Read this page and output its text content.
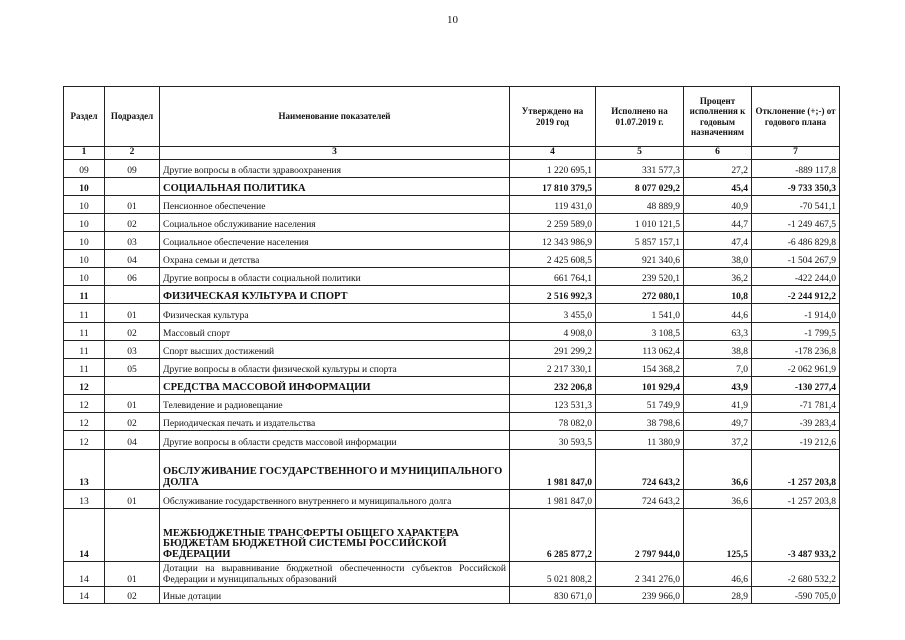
10
Раздел	Подраздел	Наименование показателей	Утверждено на 2019 год	Исполнено на 01.07.2019 г.	Процент исполнения к годовым назначениям	Отклонение (+;-) от годового плана
1	2	3	4	5	6	7
09	09	Другие вопросы в области здравоохранения	1 220 695,1	331 577,3	27,2	-889 117,8
10		СОЦИАЛЬНАЯ ПОЛИТИКА	17 810 379,5	8 077 029,2	45,4	-9 733 350,3
10	01	Пенсионное обеспечение	119 431,0	48 889,9	40,9	-70 541,1
10	02	Социальное обслуживание населения	2 259 589,0	1 010 121,5	44,7	-1 249 467,5
10	03	Социальное обеспечение населения	12 343 986,9	5 857 157,1	47,4	-6 486 829,8
10	04	Охрана семьи и детства	2 425 608,5	921 340,6	38,0	-1 504 267,9
10	06	Другие вопросы в области социальной политики	661 764,1	239 520,1	36,2	-422 244,0
11		ФИЗИЧЕСКАЯ КУЛЬТУРА И СПОРТ	2 516 992,3	272 080,1	10,8	-2 244 912,2
11	01	Физическая культура	3 455,0	1 541,0	44,6	-1 914,0
11	02	Массовый спорт	4 908,0	3 108,5	63,3	-1 799,5
11	03	Спорт высших достижений	291 299,2	113 062,4	38,8	-178 236,8
11	05	Другие вопросы в области физической культуры и спорта	2 217 330,1	154 368,2	7,0	-2 062 961,9
12		СРЕДСТВА МАССОВОЙ ИНФОРМАЦИИ	232 206,8	101 929,4	43,9	-130 277,4
12	01	Телевидение и радиовещание	123 531,3	51 749,9	41,9	-71 781,4
12	02	Периодическая печать и издательства	78 082,0	38 798,6	49,7	-39 283,4
12	04	Другие вопросы в области средств массовой информации	30 593,5	11 380,9	37,2	-19 212,6
13		ОБСЛУЖИВАНИЕ ГОСУДАРСТВЕННОГО И МУНИЦИПАЛЬНОГО ДОЛГА	1 981 847,0	724 643,2	36,6	-1 257 203,8
13	01	Обслуживание государственного внутреннего и муниципального долга	1 981 847,0	724 643,2	36,6	-1 257 203,8
14		МЕЖБЮДЖЕТНЫЕ ТРАНСФЕРТЫ ОБЩЕГО ХАРАКТЕРА БЮДЖЕТАМ БЮДЖЕТНОЙ СИСТЕМЫ РОССИЙСКОЙ ФЕДЕРАЦИИ	6 285 877,2	2 797 944,0	125,5	-3 487 933,2
14	01	Дотации на выравнивание бюджетной обеспеченности субъектов Российской Федерации и муниципальных образований	5 021 808,2	2 341 276,0	46,6	-2 680 532,2
14	02	Иные дотации	830 671,0	239 966,0	28,9	-590 705,0
